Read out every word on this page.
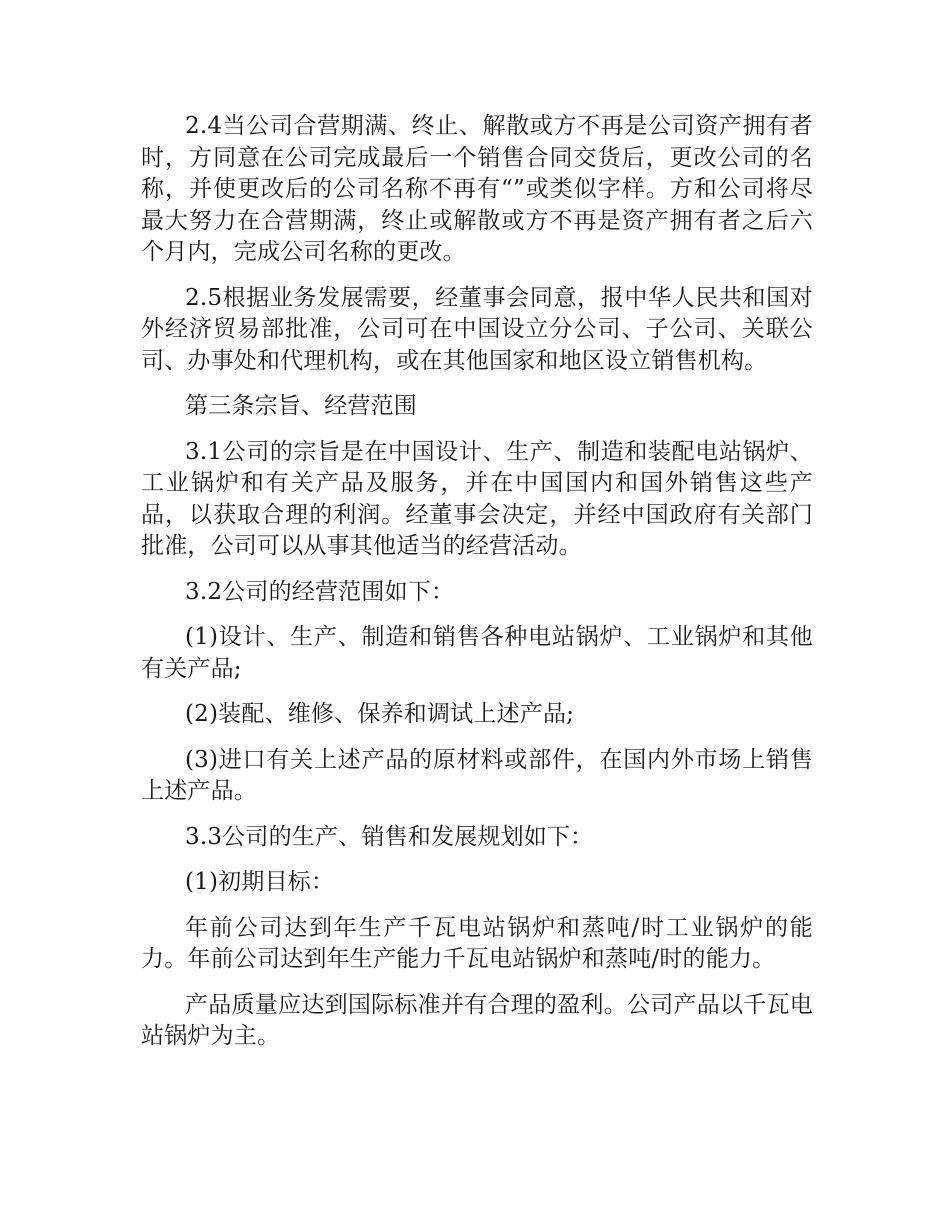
2.4当公司合营期满、终止、解散或方不再是公司资产拥有者时，方同意在公司完成最后一个销售合同交货后，更改公司的名称，并使更改后的公司名称不再有“”或类似字样。方和公司将尽最大努力在合营期满，终止或解散或方不再是资产拥有者之后六个月内，完成公司名称的更改。

2.5根据业务发展需要，经董事会同意，报中华人民共和国对外经济贸易部批准，公司可在中国设立分公司、子公司、关联公司、办事处和代理机构，或在其他国家和地区设立销售机构。

第三条宗旨、经营范围

3.1公司的宗旨是在中国设计、生产、制造和装配电站锅炉、工业锅炉和有关产品及服务，并在中国国内和国外销售这些产品，以获取合理的利润。经董事会决定，并经中国政府有关部门批准，公司可以从事其他适当的经营活动。

3.2公司的经营范围如下：

(1)设计、生产、制造和销售各种电站锅炉、工业锅炉和其他有关产品;

(2)装配、维修、保养和调试上述产品;

(3)进口有关上述产品的原材料或部件，在国内外市场上销售上述产品。

3.3公司的生产、销售和发展规划如下：

(1)初期目标：

年前公司达到年生产千瓦电站锅炉和蒸吨/时工业锅炉的能力。年前公司达到年生产能力千瓦电站锅炉和蒸吨/时的能力。

产品质量应达到国际标准并有合理的盈利。公司产品以千瓦电站锅炉为主。
